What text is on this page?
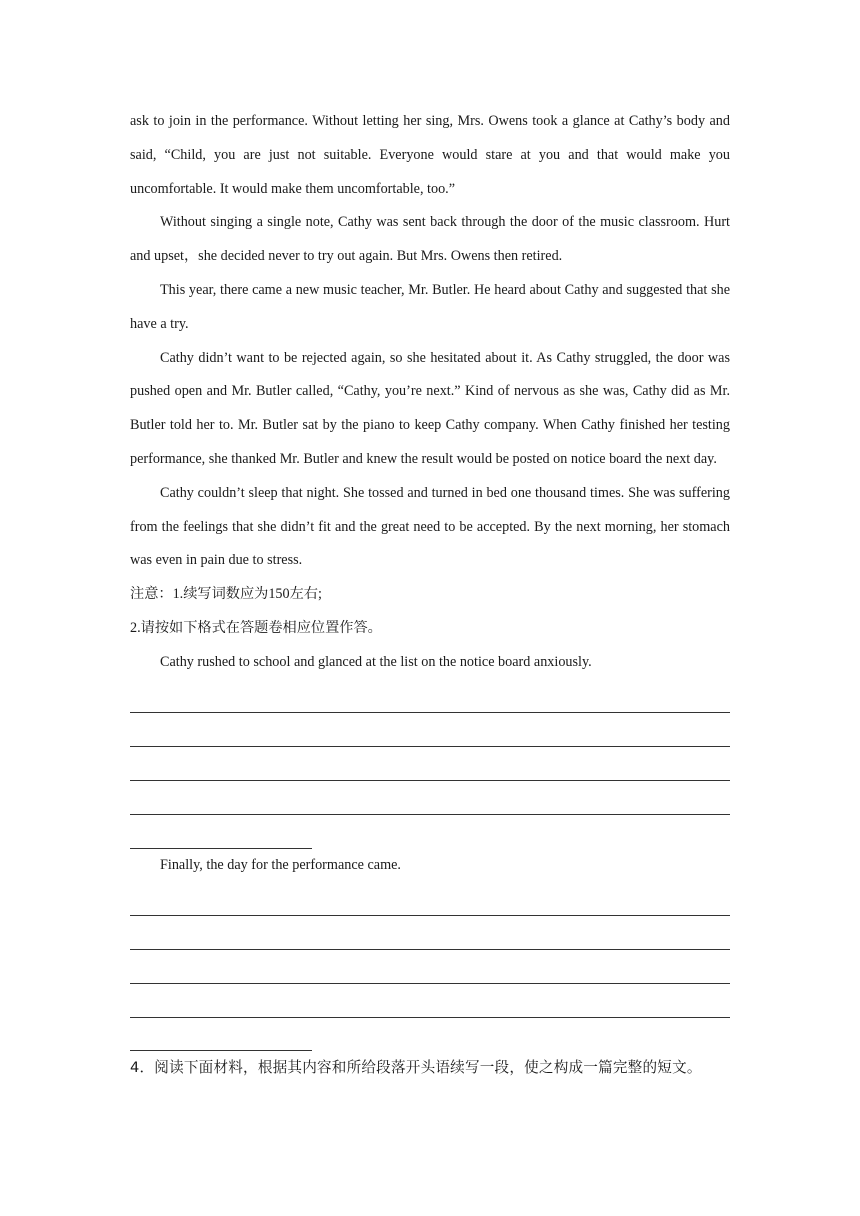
ask to join in the performance. Without letting her sing, Mrs. Owens took a glance at Cathy’s body and said, “Child, you are just not suitable. Everyone would stare at you and that would make you uncomfortable. It would make them uncomfortable, too.”

Without singing a single note, Cathy was sent back through the door of the music classroom. Hurt and upset，she decided never to try out again. But Mrs. Owens then retired.

This year, there came a new music teacher, Mr. Butler. He heard about Cathy and suggested that she have a try.

Cathy didn’t want to be rejected again, so she hesitated about it. As Cathy struggled, the door was pushed open and Mr. Butler called, “Cathy, you’re next.” Kind of nervous as she was, Cathy did as Mr. Butler told her to. Mr. Butler sat by the piano to keep Cathy company. When Cathy finished her testing performance, she thanked Mr. Butler and knew the result would be posted on notice board the next day.

Cathy couldn’t sleep that night. She tossed and turned in bed one thousand times. She was suffering from the feelings that she didn’t fit and the great need to be accepted. By the next morning, her stomach was even in pain due to stress.

注意：1.续写词数应为150左右;

2.请按如下格式在答题卷相应位置作答。

Cathy rushed to school and glanced at the list on the notice board anxiously.

Finally, the day for the performance came.

4．阅读下面材料，根据其内容和所给段落开头语续写一段，使之构成一篇完整的短文。
